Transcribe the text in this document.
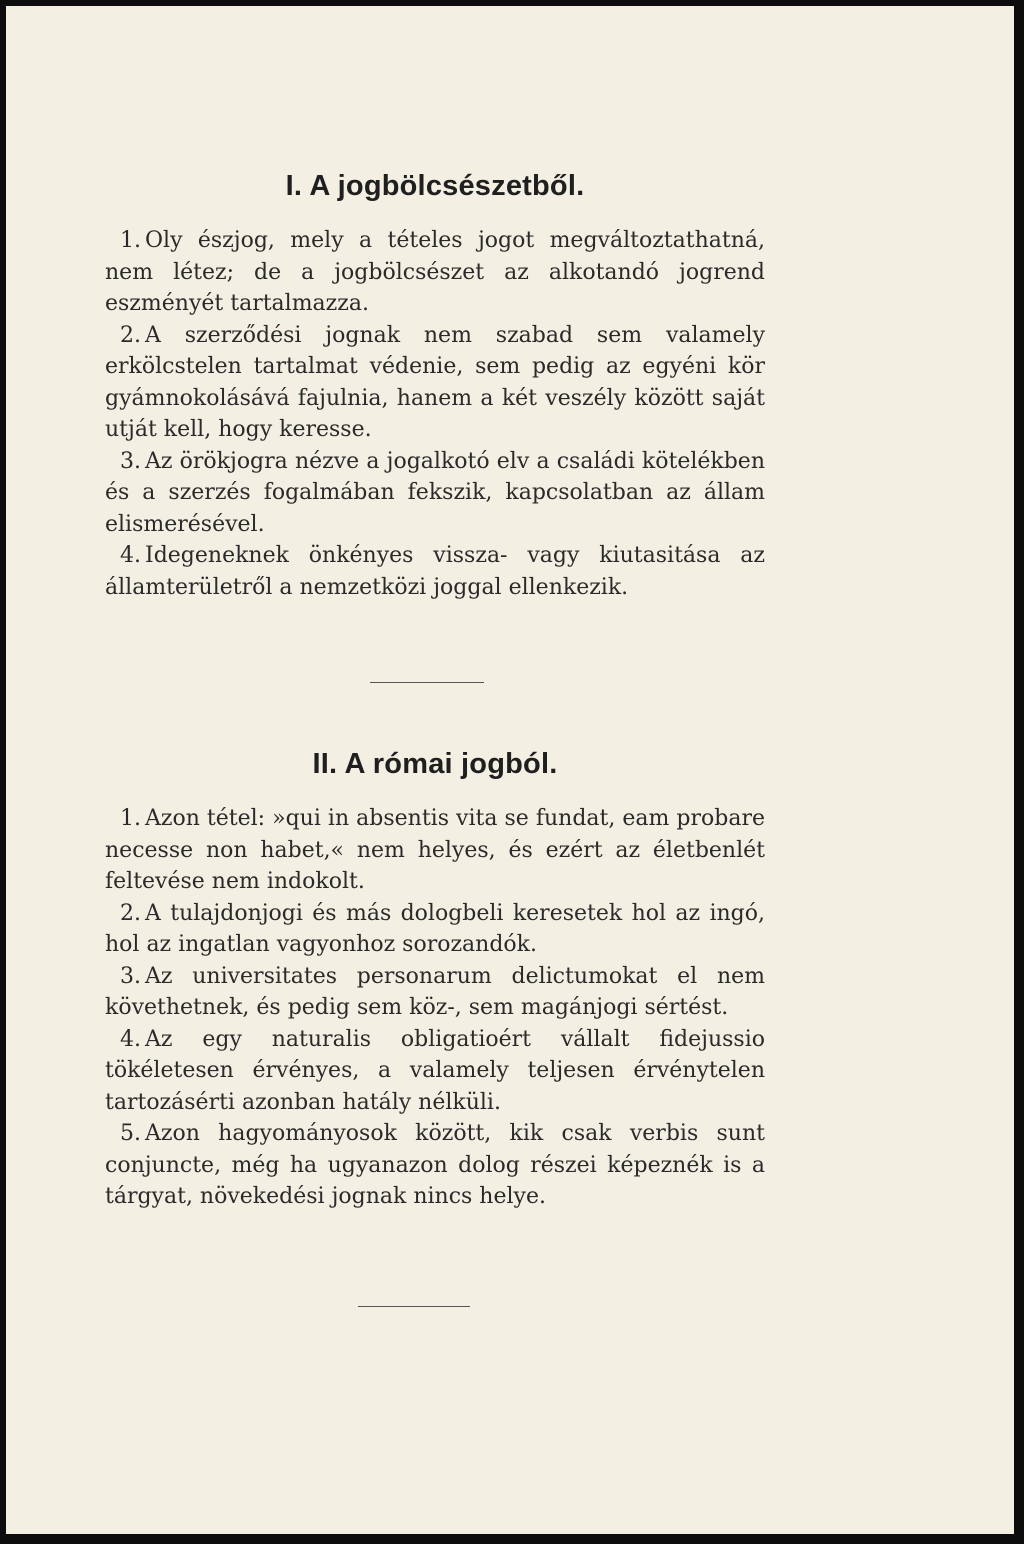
I. A jogbölcsészetből.

1. Oly észjog, mely a tételes jogot megváltoztathatná, nem létez; de a jogbölcsészet az alkotandó jogrend eszményét tartalmazza.

2. A szerződési jognak nem szabad sem valamely erkölcstelen tartalmat védenie, sem pedig az egyéni kör gyámnokolásává fajulnia, hanem a két veszély között saját utját kell, hogy keresse.

3. Az örökjogra nézve a jogalkotó elv a családi kötelékben és a szerzés fogalmában fekszik, kapcsolatban az állam elismerésével.

4. Idegeneknek önkényes vissza- vagy kiutasitása az államterületről a nemzetközi joggal ellenkezik.

II. A római jogból.

1. Azon tétel: »qui in absentis vita se fundat, eam probare necesse non habet,« nem helyes, és ezért az életbenlét feltevése nem indokolt.

2. A tulajdonjogi és más dologbeli keresetek hol az ingó, hol az ingatlan vagyonhoz sorozandók.

3. Az universitates personarum delictumokat el nem követhetnek, és pedig sem köz-, sem magánjogi sértést.

4. Az egy naturalis obligatioért vállalt fidejussio tökéletesen érvényes, a valamely teljesen érvénytelen tartozásérti azonban hatály nélküli.

5. Azon hagyományosok között, kik csak verbis sunt conjuncte, még ha ugyanazon dolog részei képeznék is a tárgyat, növekedési jognak nincs helye.
